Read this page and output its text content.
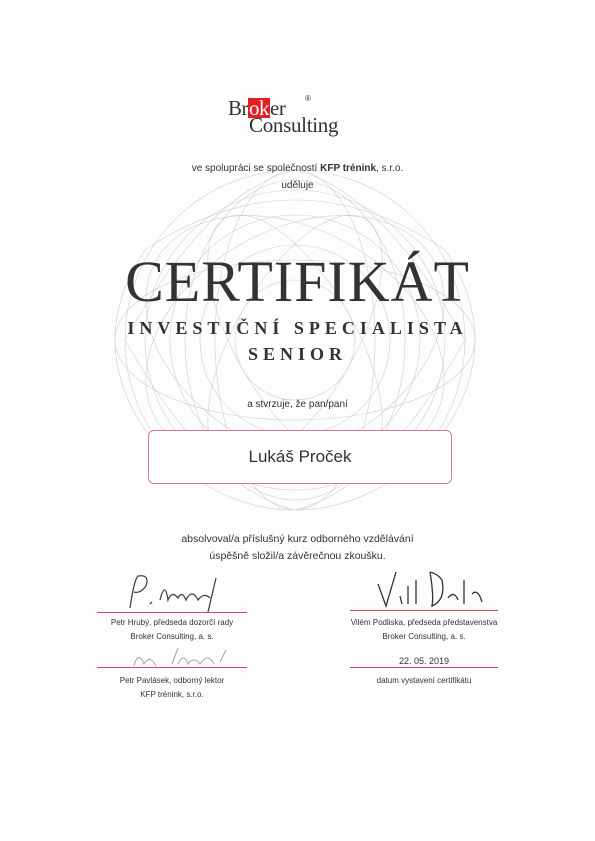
Broker ®
Consulting
ve spolupráci se společností KFP trénink, s.r.o.
uděluje
CERTIFIKÁT
INVESTIČNÍ SPECIALISTA
SENIOR
a stvrzuje, že pan/paní
Lukáš Proček
absolvoval/a příslušný kurz odborného vzdělávání
úspěšně složil/a závěrečnou zkoušku.
Petr Hrubý, předseda dozorčí rady
Broker Consulting, a. s.
Petr Pavlásek, odborný lektor
KFP trénink, s.r.o.
Vilém Podliska, předseda představenstva
Broker Consulting, a. s.
22. 05. 2019
datum vystavení certifikátu
